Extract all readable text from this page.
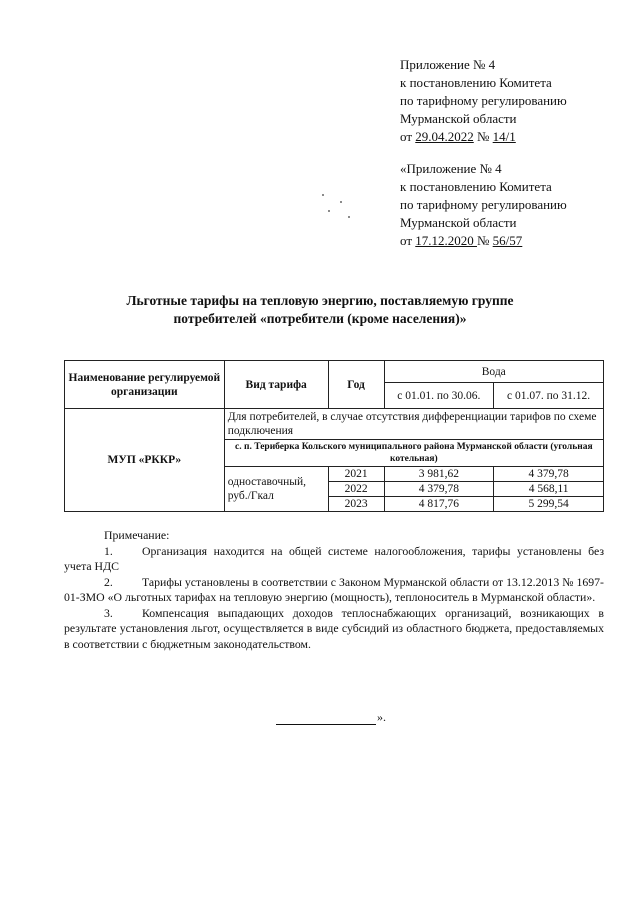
Приложение № 4
к постановлению Комитета
по тарифному регулированию
Мурманской области
от 29.04.2022 № 14/1
«Приложение № 4
к постановлению Комитета
по тарифному регулированию
Мурманской области
от 17.12.2020 № 56/57
Льготные тарифы на тепловую энергию, поставляемую группе
потребителей «потребители (кроме населения)»
Наименование регулируемой организации	Вид тарифа	Год	Вода	
			с 01.01. по 30.06.	с 01.07. по 31.12.
МУП «РККР»	Для потребителей, в случае отсутствия дифференциации тарифов по схеме подключения			
	с. п. Териберка Кольского муниципального района Мурманской области (угольная котельная)			
	одноставочный, руб./Гкал	2021	3 981,62	4 379,78
		2022	4 379,78	4 568,11
		2023	4 817,76	5 299,54

Примечание:

1. Организация находится на общей системе налогообложения, тарифы установлены без учета НДС

2. Тарифы установлены в соответствии с Законом Мурманской области от 13.12.2013 № 1697-01-ЗМО «О льготных тарифах на тепловую энергию (мощность), теплоноситель в Мурманской области».

3. Компенсация выпадающих доходов теплоснабжающих организаций, возникающих в результате установления льгот, осуществляется в виде субсидий из областного бюджета, предоставляемых в соответствии с бюджетным законодательством.

».
